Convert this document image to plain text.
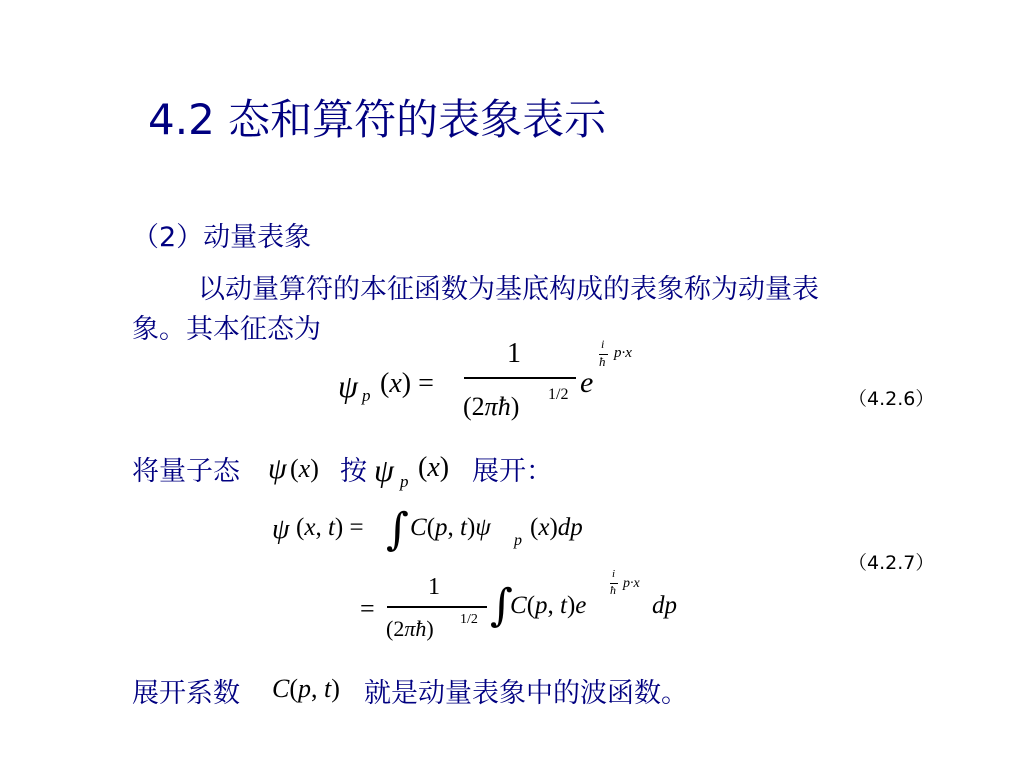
4.2 态和算符的表象表示
（2）动量表象
以动量算符的本征函数为基底构成的表象称为动量表
象。其本征态为
ψ p (x) =
1
(2πħ) 1/2 e
i
ħ
p·x
（4.2.6）
将量子态 ψ (x) 按 ψ p (x) 展开：
ψ (x, t) = ∫ C(p, t)ψ p (x)dp
（4.2.7）
=
1
(2πħ) 1/2 ∫
C(p, t)e
i
ħ p·x
dp
展开系数 C(p, t) 就是动量表象中的波函数。
